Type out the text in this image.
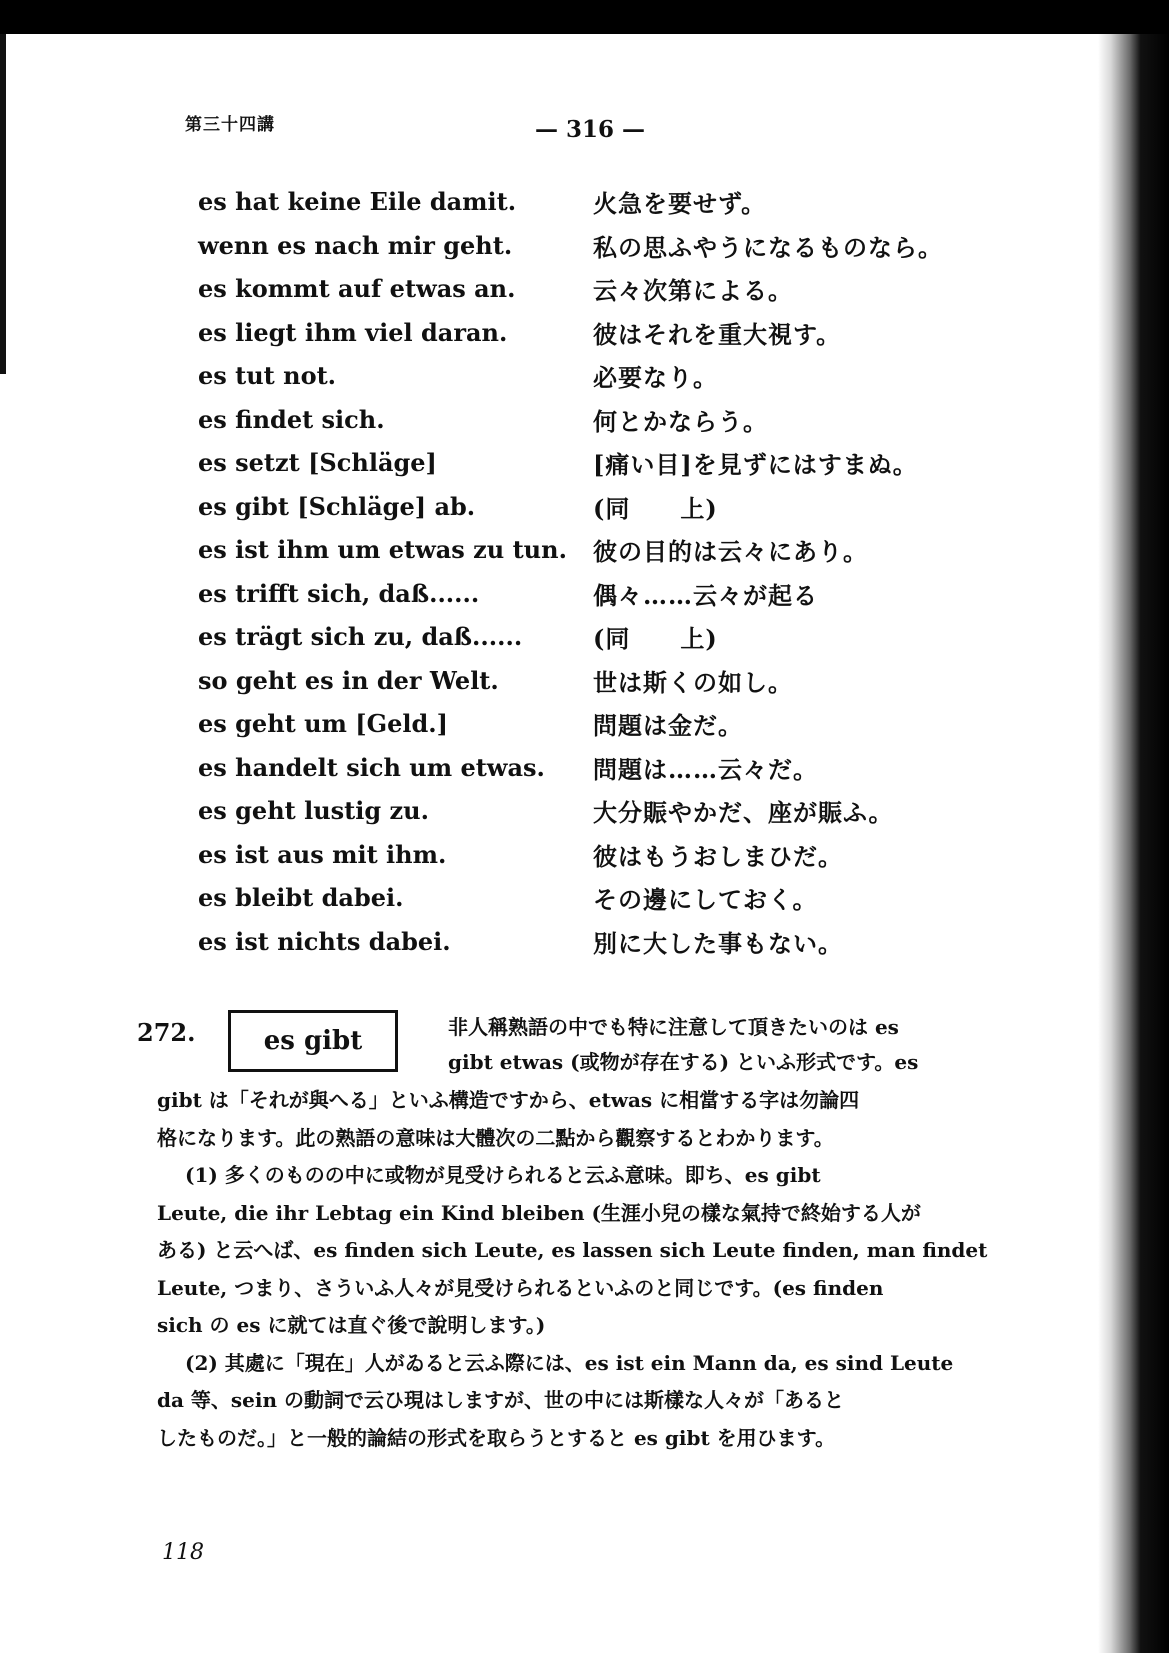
第三十四講	— 316 —
es hat keine Eile damit.	火急を要せず。
wenn es nach mir geht.	私の思ふやうになるものなら。
es kommt auf etwas an.	云々次第による。
es liegt ihm viel daran.	彼はそれを重大視す。
es tut not.	必要なり。
es findet sich.	何とかならう。
es setzt [Schläge]	[痛い目]を見ずにはすまぬ。
es gibt [Schläge] ab.	(同　　上)
es ist ihm um etwas zu tun.	彼の目的は云々にあり。
es trifft sich, daß......	偶々……云々が起る
es trägt sich zu, daß......	(同　　上)
so geht es in der Welt.	世は斯くの如し。
es geht um [Geld.]	問題は金だ。
es handelt sich um etwas.	問題は……云々だ。
es geht lustig zu.	大分賑やかだ、座が賑ふ。
es ist aus mit ihm.	彼はもうおしまひだ。
es bleibt dabei.	その邊にしておく。
es ist nichts dabei.	別に大した事もない。
272.	es gibt	非人稱熟語の中でも特に注意して頂きたいのは es
gibt etwas (或物が存在する) といふ形式です。es
gibt は「それが與へる」といふ構造ですから、etwas に相當する字は勿論四
格になります。此の熟語の意味は大體次の二點から觀察するとわかります。
(1) 多くのものの中に或物が見受けられると云ふ意味。即ち、es gibt
Leute, die ihr Lebtag ein Kind bleiben (生涯小兒の樣な氣持で終始する人が
ある) と云へば、es finden sich Leute, es lassen sich Leute finden, man findet
Leute, つまり、さういふ人々が見受けられるといふのと同じです。(es finden
sich の es に就ては直ぐ後で說明します。)
(2) 其處に「現在」人がゐると云ふ際には、es ist ein Mann da, es sind Leute
da 等、sein の動詞で云ひ現はしますが、世の中には斯樣な人々が「あると
したものだ。」と一般的論結の形式を取らうとすると es gibt を用ひます。
118
